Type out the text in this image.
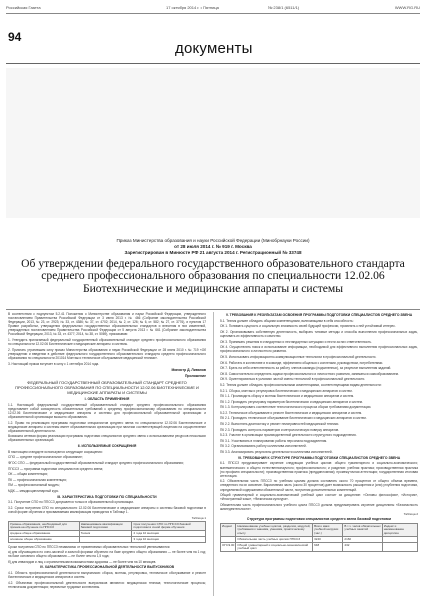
Российская Газета	17 октября 2014 г. • Пятница	№ 238/1 (6511/1)	WWW.RG.RU
94
документы
Приказ Министерства образования и науки Российской Федерации (Минобрнауки России)
от 28 июля 2014 г. № 919 г. Москва
Зарегистрирован в Минюсте РФ 21 августа 2014 г. Регистрационный № 33748
Об утверждении федерального государственного образовательного стандарта среднего профессионального образования по специальности 12.02.06 Биотехнические и медицинские аппараты и системы

В соответствии с подпунктом 5.2.41 Положения о Министерстве образования и науки Российской Федерации, утвержденного постановлением Правительства Российской Федерации от 3 июня 2013 г. № 466 (Собрание законодательства Российской Федерации, 2013, № 23, ст. 2923; № 33, ст. 4386; № 37, ст. 4702; 2014, № 2, ст. 126; № 6, ст. 582; № 27, ст. 3776), и пунктом 17 Правил разработки, утверждения федеральных государственных образовательных стандартов и внесения в них изменений, утвержденных постановлением Правительства Российской Федерации от 5 августа 2013 г. № 661 (Собрание законодательства Российской Федерации, 2013, № 33, ст. 4377; 2014, № 38, ст. 5069), приказываю:

1. Утвердить прилагаемый федеральный государственный образовательный стандарт среднего профессионального образования по специальности 12.02.06 Биотехнические и медицинские аппараты и системы.

2. Признать утратившим силу приказ Министерства образования и науки Российской Федерации от 28 июня 2010 г. № 719 «Об утверждении и введении в действие федерального государственного образовательного стандарта среднего профессионального образования по специальности 201014 Монтаж и техническое обслуживание медицинской техники».

3. Настоящий приказ вступает в силу с 1 сентября 2014 года.

Министр Д. Ливанов
Приложение
ФЕДЕРАЛЬНЫЙ ГОСУДАРСТВЕННЫЙ ОБРАЗОВАТЕЛЬНЫЙ СТАНДАРТ СРЕДНЕГО ПРОФЕССИОНАЛЬНОГО ОБРАЗОВАНИЯ ПО СПЕЦИАЛЬНОСТИ 12.02.06 БИОТЕХНИЧЕСКИЕ И МЕДИЦИНСКИЕ АППАРАТЫ И СИСТЕМЫ
I. ОБЛАСТЬ ПРИМЕНЕНИЯ

1.1. Настоящий федеральный государственный образовательный стандарт среднего профессионального образования представляет собой совокупность обязательных требований к среднему профессиональному образованию по специальности 12.02.06 Биотехнические и медицинские аппараты и системы для профессиональной образовательной организации и образовательной организации высшего образования.

1.2. Право на реализацию программы подготовки специалистов среднего звена по специальности 12.02.06 Биотехнические и медицинские аппараты и системы имеет образовательная организация при наличии соответствующей лицензии на осуществление образовательной деятельности.

Возможна сетевая форма реализации программы подготовки специалистов среднего звена с использованием ресурсов нескольких образовательных организаций.

II. ИСПОЛЬЗУЕМЫЕ СОКРАЩЕНИЯ

В настоящем стандарте используются следующие сокращения:

СПО — среднее профессиональное образование;

ФГОС СПО — федеральный государственный образовательный стандарт среднего профессионального образования;

ППССЗ — программа подготовки специалистов среднего звена;

ОК — общая компетенция;

ПК — профессиональная компетенция;

ПМ — профессиональный модуль;

МДК — междисциплинарный курс.

III. ХАРАКТЕРИСТИКА ПОДГОТОВКИ ПО СПЕЦИАЛЬНОСТИ

3.1. Получение СПО по ППССЗ допускается только в образовательной организации.

3.2. Сроки получения СПО по специальности 12.02.06 Биотехнические и медицинские аппараты и системы базовой подготовки в очной форме обучения и присваиваемая квалификация приводятся в Таблице 1.

Таблица 1
Уровень образования, необходимый для приема на обучение по ППССЗ	Наименование квалификации базовой подготовки	Срок получения СПО по ППССЗ базовой подготовки в очной форме обучения
среднее общее образование	Техник	2 года 10 месяцев
основное общее образование		3 года 10 месяцев

Сроки получения СПО по ППССЗ независимо от применяемых образовательных технологий увеличиваются:

а) для обучающихся по очно-заочной и заочной формам обучения: на базе среднего общего образования — не более чем на 1 год; на базе основного общего образования — не более чем на 1,5 года;

б) для инвалидов и лиц с ограниченными возможностями здоровья — не более чем на 10 месяцев.

IV. ХАРАКТЕРИСТИКА ПРОФЕССИОНАЛЬНОЙ ДЕЯТЕЛЬНОСТИ ВЫПУСКНИКОВ

4.1. Область профессиональной деятельности выпускников: сборка, монтаж, регулировка, техническое обслуживание и ремонт биотехнических и медицинских аппаратов и систем.

4.2. Объектами профессиональной деятельности выпускников являются: медицинская техника; технологические процессы; техническая документация; первичные трудовые коллективы.

V. ТРЕБОВАНИЯ К РЕЗУЛЬТАТАМ ОСВОЕНИЯ ПРОГРАММЫ ПОДГОТОВКИ СПЕЦИАЛИСТОВ СРЕДНЕГО ЗВЕНА

5.1. Техник должен обладать общими компетенциями, включающими в себя способность:

ОК 1. Понимать сущность и социальную значимость своей будущей профессии, проявлять к ней устойчивый интерес.

ОК 2. Организовывать собственную деятельность, выбирать типовые методы и способы выполнения профессиональных задач, оценивать их эффективность и качество.

ОК 3. Принимать решения в стандартных и нестандартных ситуациях и нести за них ответственность.

ОК 4. Осуществлять поиск и использование информации, необходимой для эффективного выполнения профессиональных задач, профессионального и личностного развития.

ОК 5. Использовать информационно-коммуникационные технологии в профессиональной деятельности.

ОК 6. Работать в коллективе и в команде, эффективно общаться с коллегами, руководством, потребителями.

ОК 7. Брать на себя ответственность за работу членов команды (подчиненных), за результат выполнения заданий.

ОК 8. Самостоятельно определять задачи профессионального и личностного развития, заниматься самообразованием.

ОК 9. Ориентироваться в условиях частой смены технологий в профессиональной деятельности.

5.2. Техник должен обладать профессиональными компетенциями, соответствующими видам деятельности:

5.2.1. Сборка, монтаж и регулировка биотехнических и медицинских аппаратов и систем.

ПК 1.1. Производить сборку и монтаж биотехнических и медицинских аппаратов и систем.

ПК 1.2. Проводить регулировку параметров биотехнических и медицинских аппаратов и систем.

ПК 1.3. Контролировать соответствие технологического процесса сборки требованиям документации.

5.2.2. Техническое обслуживание и ремонт биотехнических и медицинских аппаратов и систем.

ПК 2.1. Проводить техническое обслуживание биотехнических и медицинских аппаратов и систем.

ПК 2.2. Выполнять диагностику и ремонт неисправностей медицинской техники.

ПК 2.3. Проводить контроль параметров и метрологическую поверку аппаратов.

5.2.3. Участие в организации производственной деятельности структурного подразделения.

ПК 3.1. Участвовать в планировании работы персонала подразделения.

ПК 3.2. Организовывать работу коллектива исполнителей.

ПК 3.3. Анализировать результаты деятельности коллектива исполнителей.

VI. ТРЕБОВАНИЯ К СТРУКТУРЕ ПРОГРАММЫ ПОДГОТОВКИ СПЕЦИАЛИСТОВ СРЕДНЕГО ЗВЕНА

6.1. ППССЗ предусматривает изучение следующих учебных циклов: общего гуманитарного и социально-экономического; математического и общего естественнонаучного; профессионального; и разделов: учебная практика; производственная практика (по профилю специальности); производственная практика (преддипломная); промежуточная аттестация; государственная итоговая аттестация.

6.2. Обязательная часть ППССЗ по учебным циклам должна составлять около 70 процентов от общего объема времени, отведенного на их освоение. Вариативная часть (около 30 процентов) дает возможность расширения и (или) углубления подготовки, определяемой содержанием обязательной части, получения дополнительных компетенций.

Общий гуманитарный и социально-экономический учебный цикл состоит из дисциплин: «Основы философии», «История», «Иностранный язык», «Физическая культура».

Обязательная часть профессионального учебного цикла ППССЗ должна предусматривать изучение дисциплины «Безопасность жизнедеятельности».

Таблица 2
Структура программы подготовки специалистов среднего звена базовой подготовки
Индекс	Наименование учебных циклов, разделов, модулей, требования к знаниям, умениям, практическому опыту	Всего макс. учебной нагрузки (час.)	В т.ч. часов обязательных учебных занятий	Индекс и наименование дисциплин
	Обязательная часть учебных циклов ППССЗ	3240	2160	
ОГСЭ.00	Общий гуманитарный и социально-экономический учебный цикл	648	432	
